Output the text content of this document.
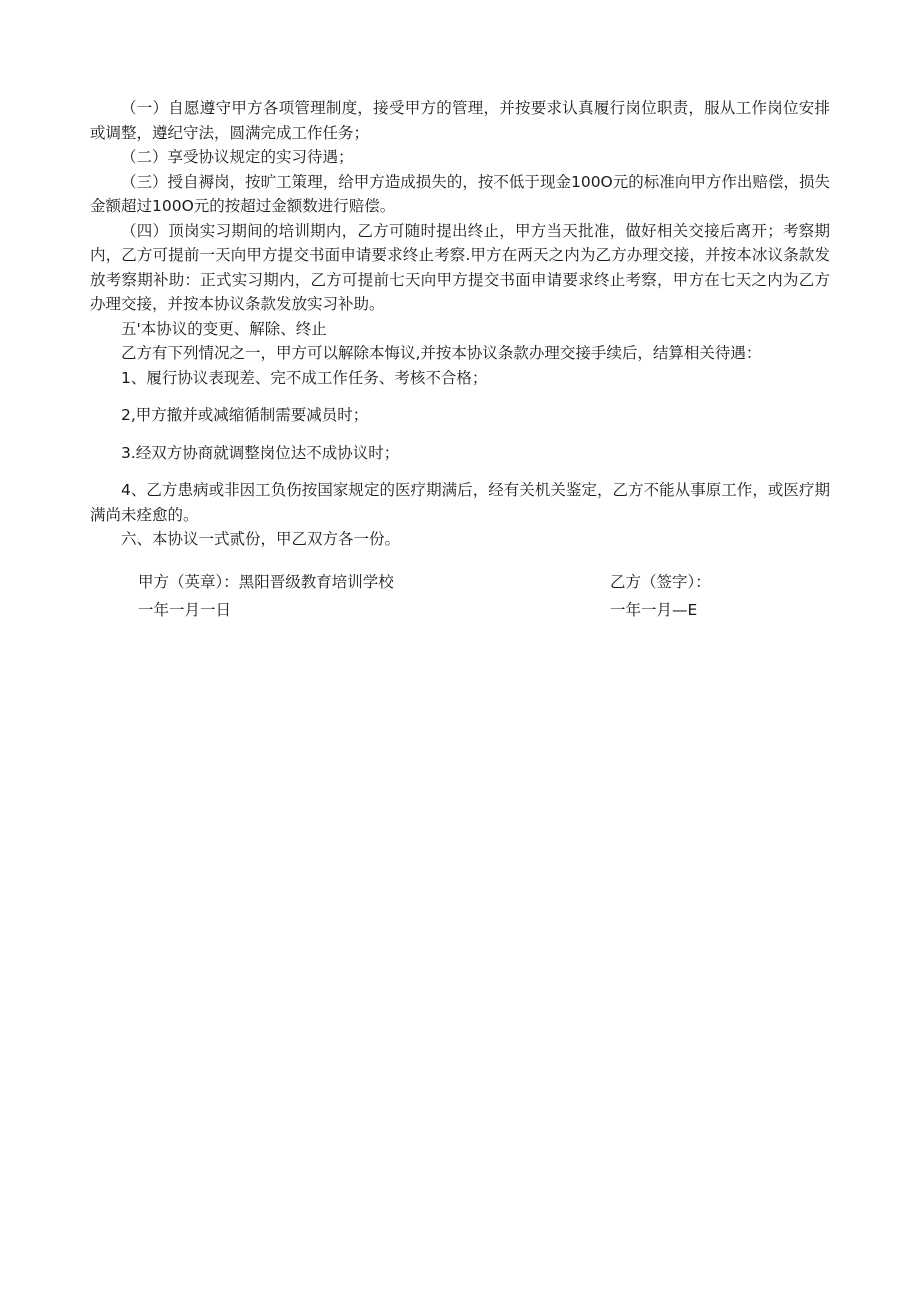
（一）自愿遵守甲方各项管理制度，接受甲方的管理，并按要求认真履行岗位职责，服从工作岗位安排或调整，遵纪守法，圆满完成工作任务；

（二）享受协议规定的实习待遇；

（三）授自褥岗，按旷工策理，给甲方造成损失的，按不低于现金100O元的标准向甲方作出赔偿，损失金额超过100O元的按超过金额数进行赔偿。

（四）顶岗实习期间的培训期内，乙方可随时提出终止，甲方当天批准，做好相关交接后离开；考察期内，乙方可提前一天向甲方提交书面申请要求终止考察.甲方在两天之内为乙方办理交接，并按本冰议条款发放考察期补助：正式实习期内，乙方可提前七天向甲方提交书面申请要求终止考察，甲方在七天之内为乙方办理交接，并按本协议条款发放实习补助。

五'本协议的变更、解除、终止

乙方有下列情况之一，甲方可以解除本悔议,并按本协议条款办理交接手续后，结算相关待遇：

1、履行协议表现差、完不成工作任务、考核不合格；

2,甲方撤并或减缩循制需要减员时；

3.经双方协商就调整岗位达不成协议时；

4、乙方患病或非因工负伤按国家规定的医疗期满后，经有关机关鉴定，乙方不能从事原工作，或医疗期满尚未痊愈的。

六、本协议一式贰份，甲乙双方各一份。

甲方（英章）：黑阳晋级教育培训学校	乙方（签字）：
一年一月一日	一年一月—E
